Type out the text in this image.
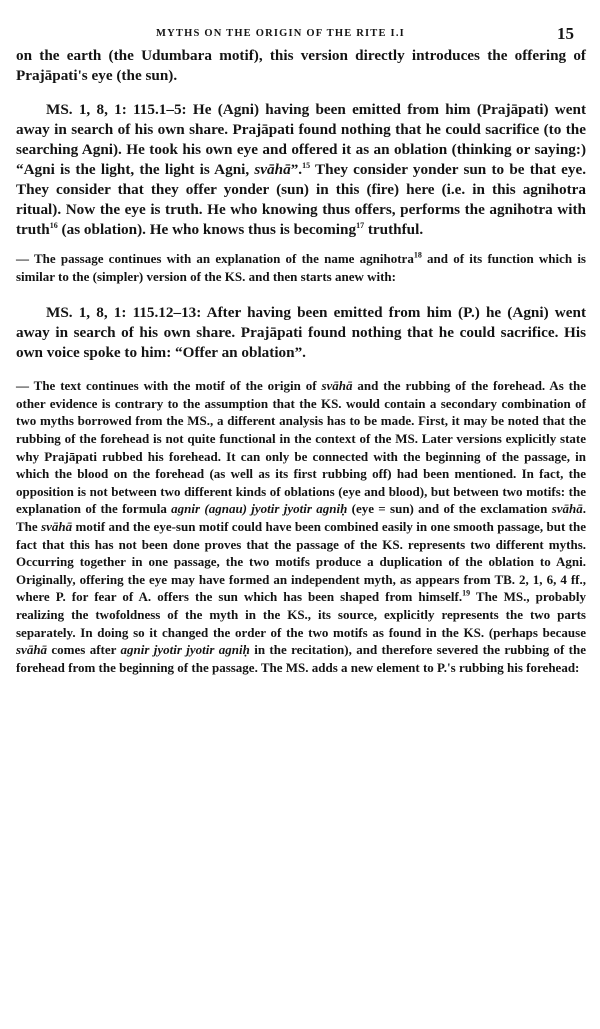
MYTHS ON THE ORIGIN OF THE RITE I.I	15

on the earth (the Udumbara motif), this version directly introduces the offering of Prajāpati's eye (the sun).

MS. 1, 8, 1: 115.1–5: He (Agni) having been emitted from him (Prajāpati) went away in search of his own share. Prajāpati found nothing that he could sacrifice (to the searching Agni). He took his own eye and offered it as an oblation (thinking or saying:) “Agni is the light, the light is Agni, svāhā”.$^{15}$ They consider yonder sun to be that eye. They consider that they offer yonder (sun) in this (fire) here (i.e. in this agnihotra ritual). Now the eye is truth. He who knowing thus offers, performs the agnihotra with truth$^{16}$ (as oblation). He who knows thus is becoming$^{17}$ truthful.

— The passage continues with an explanation of the name agnihotra$^{18}$ and of its function which is similar to the (simpler) version of the KS. and then starts anew with:

MS. 1, 8, 1: 115.12–13: After having been emitted from him (P.) he (Agni) went away in search of his own share. Prajāpati found nothing that he could sacrifice. His own voice spoke to him: “Offer an oblation”.

— The text continues with the motif of the origin of svāhā and the rubbing of the forehead. As the other evidence is contrary to the assumption that the KS. would contain a secondary combination of two myths borrowed from the MS., a different analysis has to be made. First, it may be noted that the rubbing of the forehead is not quite functional in the context of the MS. Later versions explicitly state why Prajāpati rubbed his forehead. It can only be connected with the beginning of the passage, in which the blood on the forehead (as well as its first rubbing off) had been mentioned. In fact, the opposition is not between two different kinds of oblations (eye and blood), but between two motifs: the explanation of the formula agnir (agnau) jyotir jyotir agniḥ (eye = sun) and of the exclamation svāhā. The svāhā motif and the eye-sun motif could have been combined easily in one smooth passage, but the fact that this has not been done proves that the passage of the KS. represents two different myths. Occurring together in one passage, the two motifs produce a duplication of the oblation to Agni. Originally, offering the eye may have formed an independent myth, as appears from TB. 2, 1, 6, 4 ff., where P. for fear of A. offers the sun which has been shaped from himself.$^{19}$ The MS., probably realizing the twofoldness of the myth in the KS., its source, explicitly represents the two parts separately. In doing so it changed the order of the two motifs as found in the KS. (perhaps because svāhā comes after agnir jyotir jyotir agniḥ in the recitation), and therefore severed the rubbing of the forehead from the beginning of the passage. The MS. adds a new element to P.'s rubbing his forehead:
